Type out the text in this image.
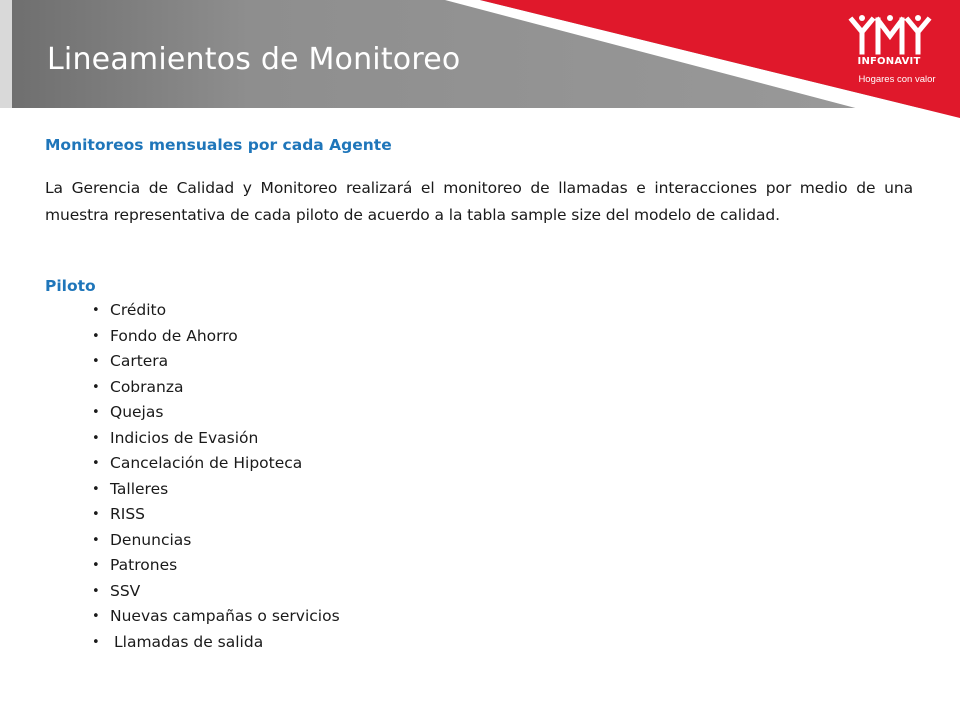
Lineamientos de Monitoreo	INFONAVIT
Hogares con valor

Monitoreos mensuales por cada Agente

La Gerencia de Calidad y Monitoreo realizará el monitoreo de llamadas e interacciones por medio de una muestra representativa de cada piloto de acuerdo a la tabla sample size del modelo de calidad.

Piloto

• Crédito
• Fondo de Ahorro
• Cartera
• Cobranza
• Quejas
• Indicios de Evasión
• Cancelación de Hipoteca
• Talleres
• RISS
• Denuncias
• Patrones
• SSV
• Nuevas campañas o servicios
• Llamadas de salida
